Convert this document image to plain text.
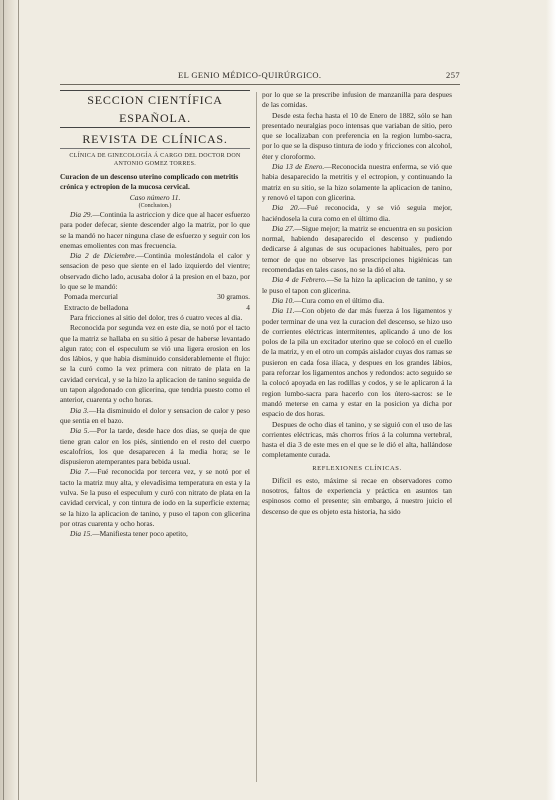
EL GENIO MÉDICO-QUIRÚRGICO.	257
SECCION CIENTÍFICA ESPAÑOLA.
REVISTA DE CLÍNICAS.
CLÍNICA DE GINECOLOGÍA Á CARGO DEL DOCTOR DON ANTONIO GOMEZ TORRES.
Curacion de un descenso uterino complicado con metritis crónica y ectropion de la mucosa cervical.
Caso número 11.
(Conclusion.)

Dia 29.—Continúa la astriccion y dice que al hacer esfuerzo para poder defecar, siente descender algo la matriz, por lo que se la mandó no hacer ninguna clase de esfuerzo y seguir con los enemas emolientes con mas frecuencia.

Dia 2 de Diciembre.—Continúa molestándola el calor y sensacion de peso que siente en el lado izquierdo del vientre; observado dicho lado, acusaba dolor á la presion en el bazo, por lo que se le mandó:

Pomada mercurial	30 gramos.
Extracto de belladona	4

Para fricciones al sitio del dolor, tres ó cuatro veces al dia.

Reconocida por segunda vez en este dia, se notó por el tacto que la matriz se hallaba en su sitio á pesar de haberse levantado algun rato; con el especulum se vió una ligera erosion en los dos lábios, y que habia disminuido considerablemente el flujo: se la curó como la vez primera con nitrato de plata en la cavidad cervical, y se la hizo la aplicacion de tanino seguida de un tapon algodonado con glicerina, que tendria puesto como el anterior, cuarenta y ocho horas.

Dia 3.—Ha disminuido el dolor y sensacion de calor y peso que sentia en el bazo.

Dia 5.—Por la tarde, desde hace dos dias, se queja de que tiene gran calor en los piés, sintiendo en el resto del cuerpo escalofríos, los que desaparecen á la media hora; se le dispusieron atemperantes para bebida usual.

Dia 7.—Fué reconocida por tercera vez, y se notó por el tacto la matriz muy alta, y elevadísima temperatura en esta y la vulva. Se la puso el especulum y curó con nitrato de plata en la cavidad cervical, y con tintura de iodo en la superficie externa; se la hizo la aplicacion de tanino, y puso el tapon con glicerina por otras cuarenta y ocho horas.

Dia 15.—Manifiesta tener poco apetito,

por lo que se la prescribe infusion de manzanilla para despues de las comidas.

Desde esta fecha hasta el 10 de Enero de 1882, sólo se han presentado neuralgias poco intensas que variaban de sitio, pero que se localizaban con preferencia en la region lumbo-sacra, por lo que se la dispuso tintura de iodo y fricciones con alcohol, éter y cloroformo.

Dia 13 de Enero.—Reconocida nuestra enferma, se vió que habia desaparecido la metritis y el ectropion, y continuando la matriz en su sitio, se la hizo solamente la aplicacion de tanino, y renovó el tapon con glicerina.

Dia 20.—Fué reconocida, y se vió seguia mejor, haciéndosela la cura como en el último dia.

Dia 27.—Sigue mejor; la matriz se encuentra en su posicion normal, habiendo desaparecido el descenso y pudiendo dedicarse á algunas de sus ocupaciones habituales, pero por temor de que no observe las prescripciones higiénicas tan recomendadas en tales casos, no se la dió el alta.

Dia 4 de Febrero.—Se la hizo la aplicacion de tanino, y se le puso el tapon con glicerina.

Dia 10.—Cura como en el último dia.

Dia 11.—Con objeto de dar más fuerza á los ligamentos y poder terminar de una vez la curacion del descenso, se hizo uso de corrientes eléctricas intermitentes, aplicando á uno de los polos de la pila un excitador uterino que se colocó en el cuello de la matriz, y en el otro un compás aislador cuyas dos ramas se pusieron en cada fosa ilíaca, y despues en los grandes lábios, para reforzar los ligamentos anchos y redondos: acto seguido se la colocó apoyada en las rodillas y codos, y se le aplicaron á la region lumbo-sacra para hacerlo con los útero-sacros: se le mandó meterse en cama y estar en la posicion ya dicha por espacio de dos horas.

Despues de ocho dias el tanino, y se siguió con el uso de las corrientes eléctricas, más chorros fríos á la columna vertebral, hasta el dia 3 de este mes en el que se le dió el alta, hallándose completamente curada.

REFLEXIONES CLÍNICAS.

Difícil es esto, máxime si recae en observadores como nosotros, faltos de experiencia y práctica en asuntos tan espinosos como el presente; sin embargo, á nuestro juicio el descenso de que es objeto esta historia, ha sido
